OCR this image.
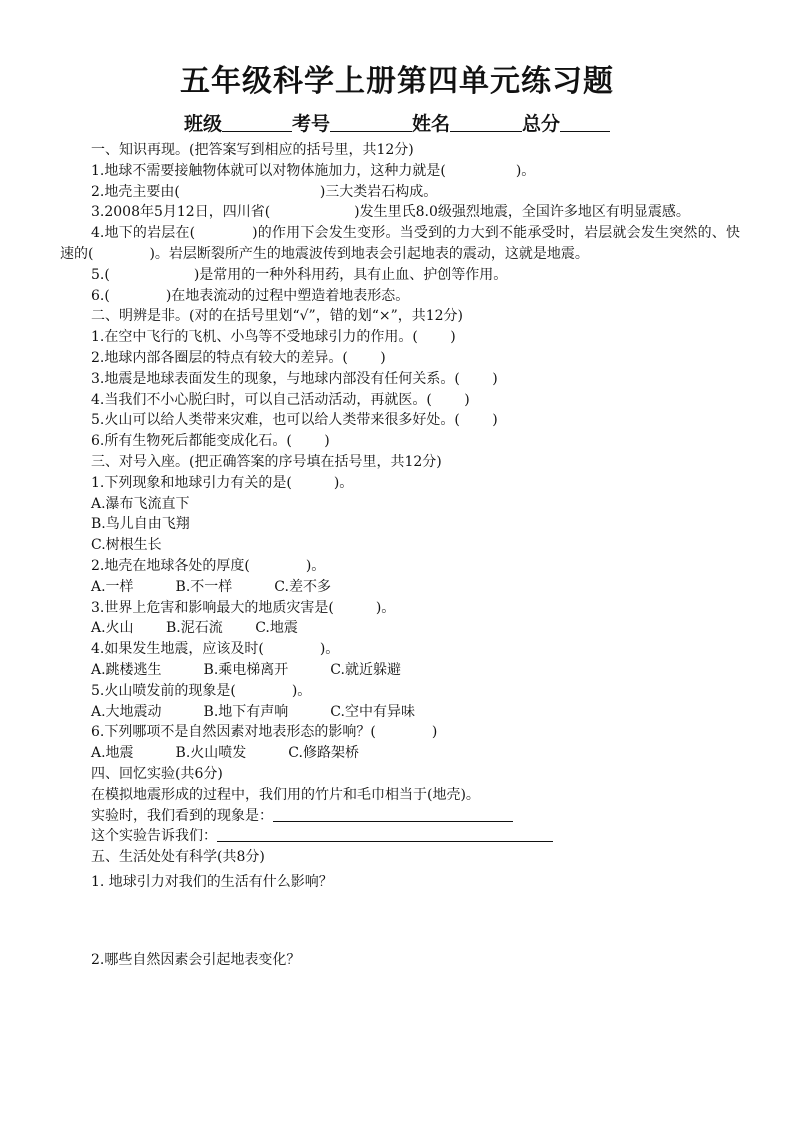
五年级科学上册第四单元练习题
班级	考号	姓名	总分

一、知识再现。(把答案写到相应的括号里，共12分)

1.地球不需要接触物体就可以对物体施加力，这种力就是(　　　　　)。

2.地壳主要由(　　　　　　　　　　)三大类岩石构成。

3.2008年5月12日，四川省(　　　　　　)发生里氏8.0级强烈地震，全国许多地区有明显震感。

4.地下的岩层在(　　　　)的作用下会发生变形。当受到的力大到不能承受时，岩层就会发生突然的、快速的(　　　　)。岩层断裂所产生的地震波传到地表会引起地表的震动，这就是地震。

5.(　　　　　　)是常用的一种外科用药，具有止血、护创等作用。

6.(　　　　)在地表流动的过程中塑造着地表形态。

二、明辨是非。(对的在括号里划“√”，错的划“×”，共12分)

1.在空中飞行的飞机、小鸟等不受地球引力的作用。(　　 )

2.地球内部各圈层的特点有较大的差异。(　　 )

3.地震是地球表面发生的现象，与地球内部没有任何关系。(　　 )

4.当我们不小心脱臼时，可以自己活动活动，再就医。(　　 )

5.火山可以给人类带来灾难，也可以给人类带来很多好处。(　　 )

6.所有生物死后都能变成化石。(　　 )

三、对号入座。(把正确答案的序号填在括号里，共12分)

1.下列现象和地球引力有关的是(　　　)。

A.瀑布飞流直下

B.鸟儿自由飞翔

C.树根生长

2.地壳在地球各处的厚度(　　　　)。

A.一样　　　B.不一样　　　C.差不多

3.世界上危害和影响最大的地质灾害是(　　　)。

A.火山　　 B.泥石流　　 C.地震

4.如果发生地震，应该及时(　　　　)。

A.跳楼逃生　　　B.乘电梯离开　　　C.就近躲避

5.火山喷发前的现象是(　　　　)。

A.大地震动　　　B.地下有声响　　　C.空中有异味

6.下列哪项不是自然因素对地表形态的影响？(　　　　)

A.地震　　　B.火山喷发　　　C.修路架桥

四、回忆实验(共6分)

在模拟地震形成的过程中，我们用的竹片和毛巾相当于(地壳)。

实验时，我们看到的现象是：

这个实验告诉我们：

五、生活处处有科学(共8分)

1. 地球引力对我们的生活有什么影响？

2.哪些自然因素会引起地表变化？
